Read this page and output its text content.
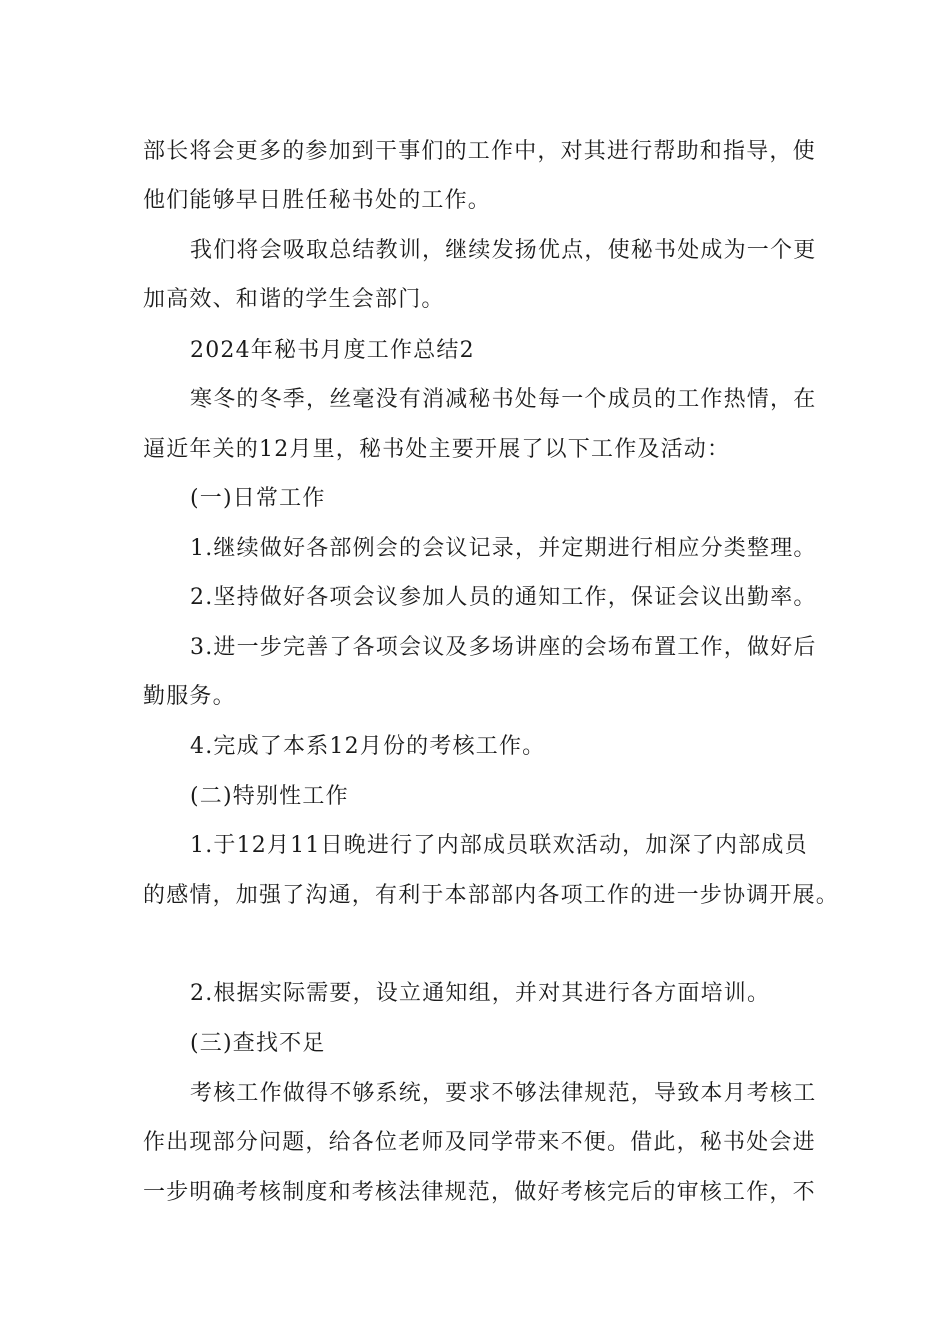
部长将会更多的参加到干事们的工作中，对其进行帮助和指导，使
他们能够早日胜任秘书处的工作。
我们将会吸取总结教训，继续发扬优点，使秘书处成为一个更
加高效、和谐的学生会部门。
2024年秘书月度工作总结2
寒冬的冬季，丝毫没有消减秘书处每一个成员的工作热情，在
逼近年关的12月里，秘书处主要开展了以下工作及活动：
(一)日常工作
1.继续做好各部例会的会议记录，并定期进行相应分类整理。
2.坚持做好各项会议参加人员的通知工作，保证会议出勤率。
3.进一步完善了各项会议及多场讲座的会场布置工作，做好后
勤服务。
4.完成了本系12月份的考核工作。
(二)特别性工作
1.于12月11日晚进行了内部成员联欢活动，加深了内部成员
的感情，加强了沟通，有利于本部部内各项工作的进一步协调开展。
2.根据实际需要，设立通知组，并对其进行各方面培训。
(三)查找不足
考核工作做得不够系统，要求不够法律规范，导致本月考核工
作出现部分问题，给各位老师及同学带来不便。借此，秘书处会进
一步明确考核制度和考核法律规范，做好考核完后的审核工作，不
